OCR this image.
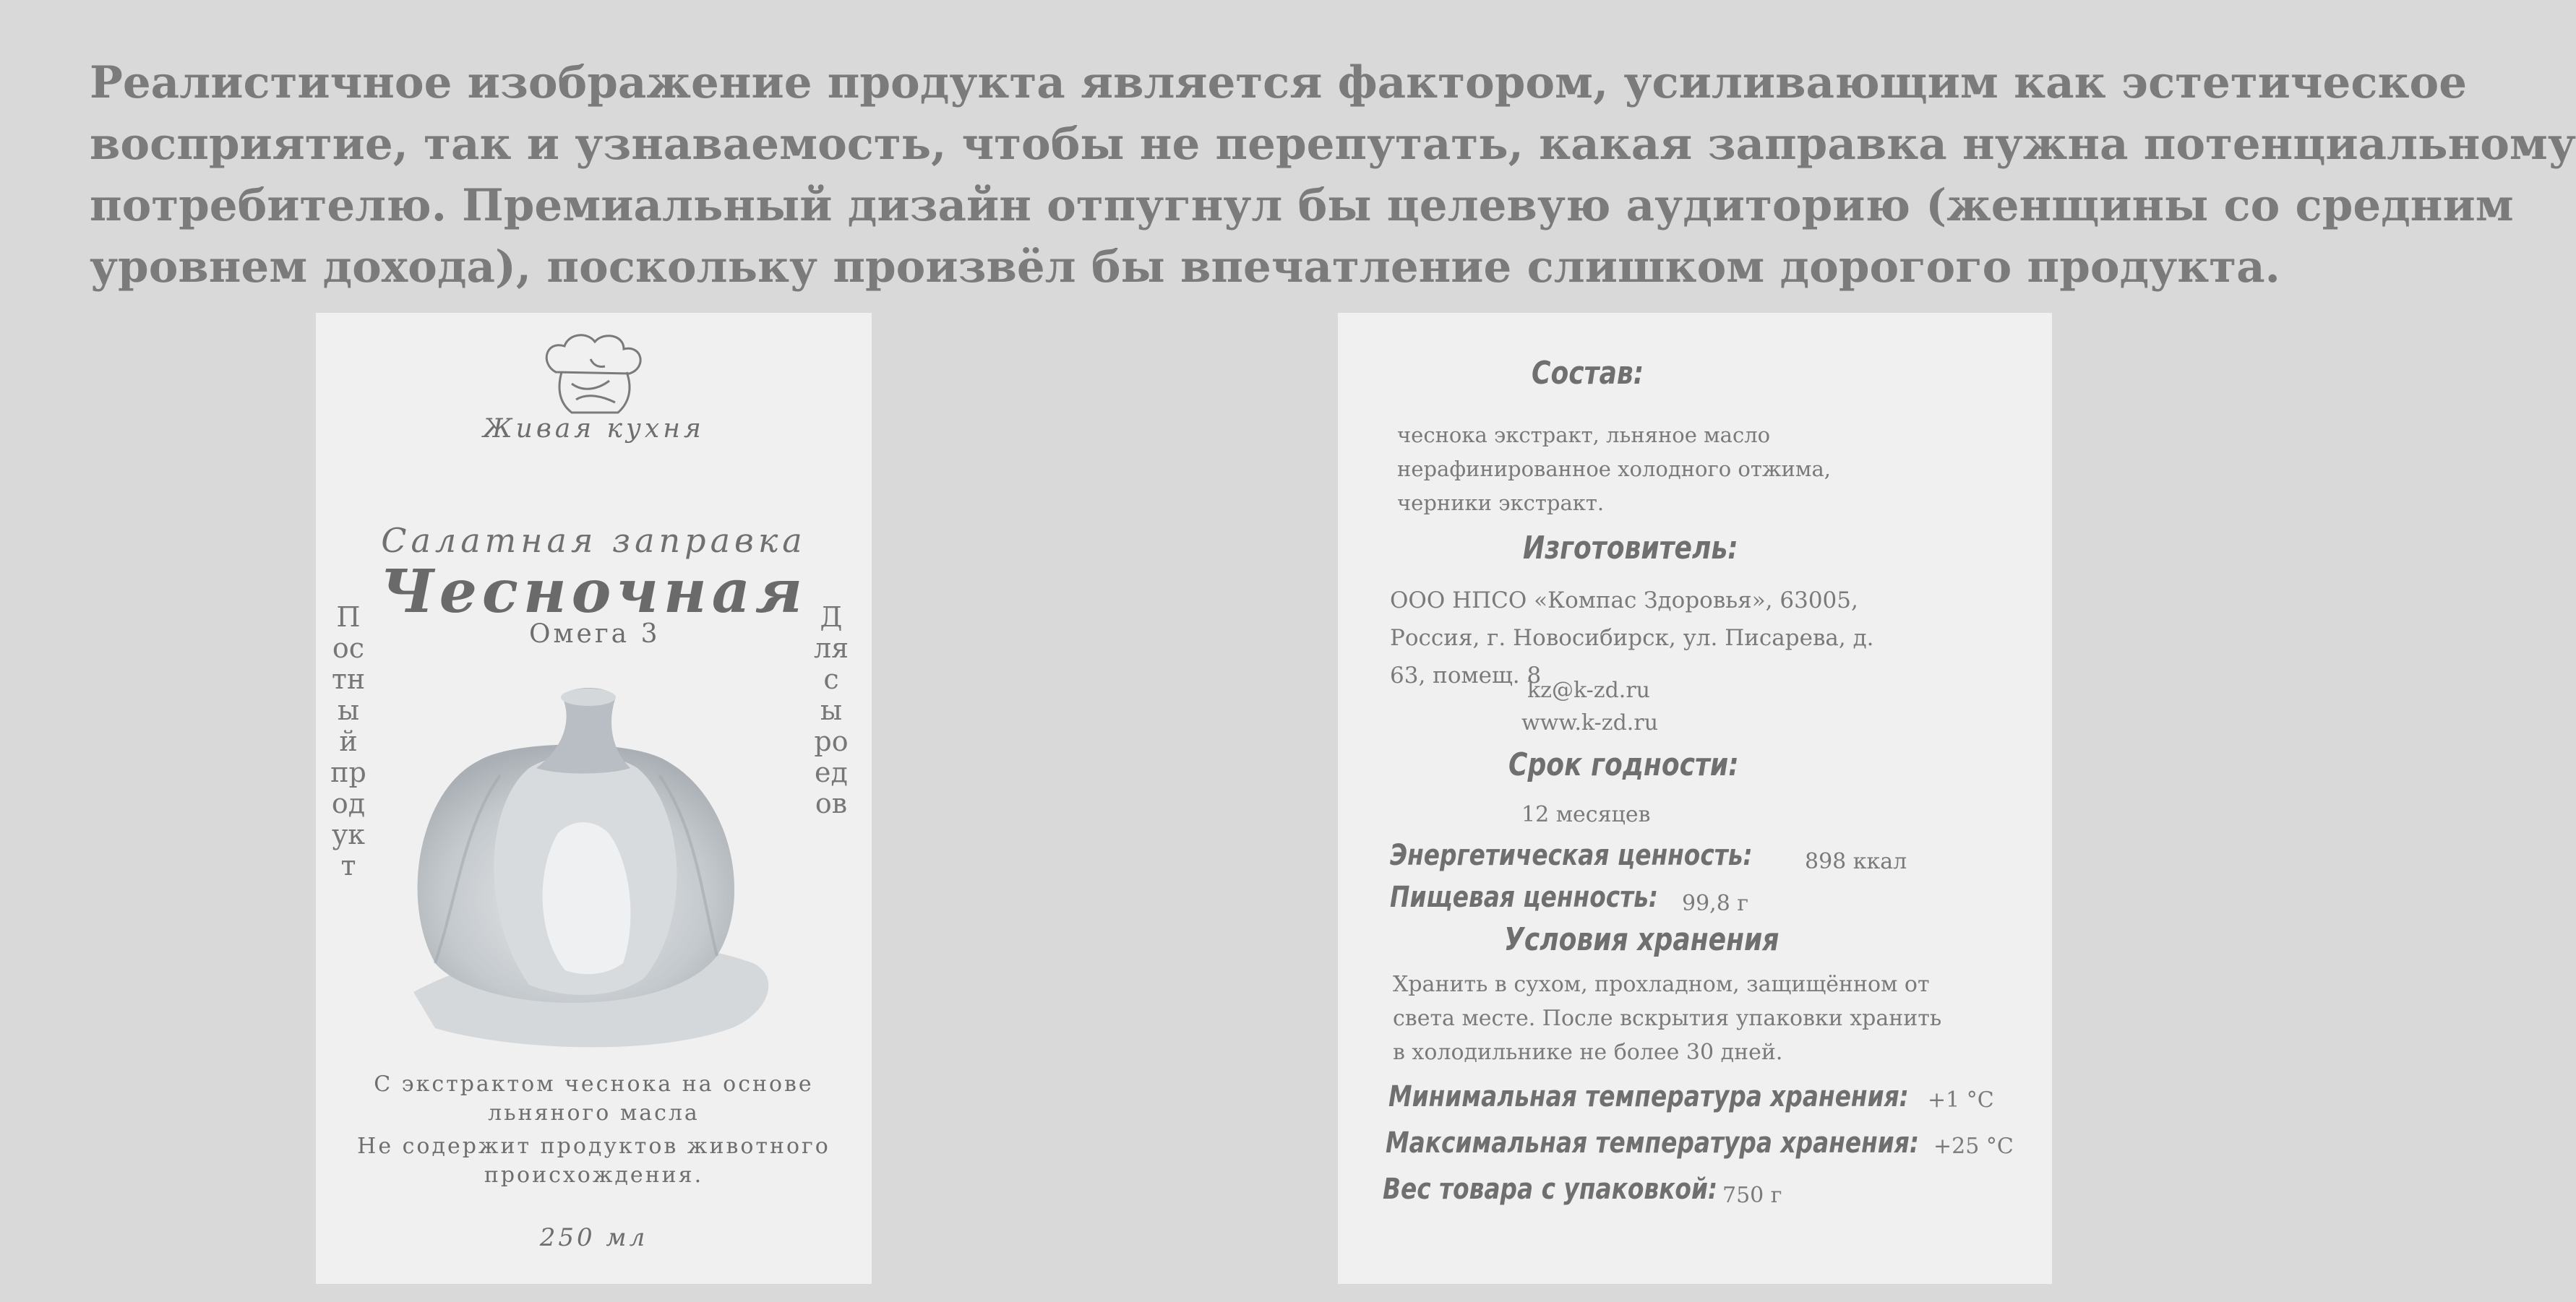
Реалистичное изображение продукта является фактором, усиливающим как эстетическое
восприятие, так и узнаваемость, чтобы не перепутать, какая заправка нужна потенциальному
потребителю. Премиальный дизайн отпугнул бы целевую аудиторию (женщины со средним
уровнем дохода), поскольку произвёл бы впечатление слишком дорогого продукта.

Живая кухня
Салатная заправка
Чесночная
Омега 3
Постный продукт
Для сыроедов
С экстрактом чеснока на основе льняного масла
Не содержит продуктов животного происхождения.
250 мл
Состав:
чеснока экстракт, льняное масло
нерафинированное холодного отжима,
черники экстракт.
Изготовитель:
ООО НПСО «Компас Здоровья», 63005,
Россия, г. Новосибирск, ул. Писарева, д.
63, помещ. 8
kz@k-zd.ru
www.k-zd.ru
Срок годности:
12 месяцев
Энергетическая ценность: 898 ккал
Пищевая ценность: 99,8 г
Условия хранения
Хранить в сухом, прохладном, защищённом от
света месте. После вскрытия упаковки хранить
в холодильнике не более 30 дней.
Минимальная температура хранения: +1 °С
Максимальная температура хранения: +25 °С
Вес товара с упаковкой: 750 г
